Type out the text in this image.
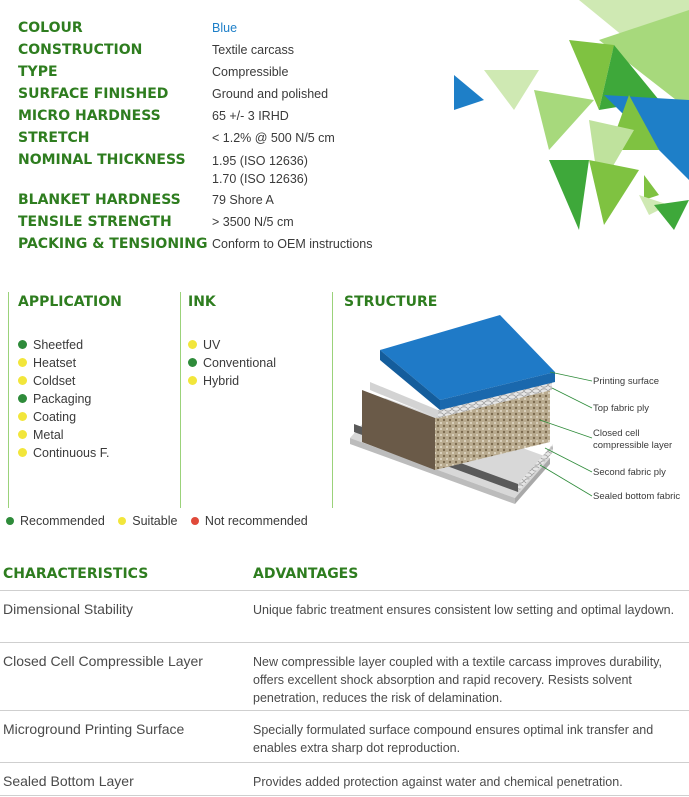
COLOUR	Blue
CONSTRUCTION	Textile carcass
TYPE	Compressible
SURFACE FINISHED	Ground and polished
MICRO HARDNESS	65 +/- 3 IRHD
STRETCH	< 1.2% @ 500 N/5 cm
NOMINAL THICKNESS 1.95 (ISO 12636)
1.70 (ISO 12636)
BLANKET HARDNESS	79 Shore A
TENSILE STRENGTH	> 3500 N/5 cm
PACKING & TENSIONING Conform to OEM instructions
APPLICATION
Sheetfed
Heatset
Coldset
Packaging
Coating
Metal
Continuous F.
INK
UV
Conventional
Hybrid
STRUCTURE
Printing surface
Top fabric ply
Closed cell
compressible layer
Second fabric ply
Sealed bottom fabric
Recommended Suitable Not recommended
CHARACTERISTICS	ADVANTAGES
Dimensional Stability	Unique fabric treatment ensures consistent low setting and optimal laydown.
Closed Cell Compressible Layer	New compressible layer coupled with a textile carcass improves durability, offers excellent shock absorption and rapid recovery. Resists solvent penetration, reduces the risk of delamination.
Microground Printing Surface	Specially formulated surface compound ensures optimal ink transfer and enables extra sharp dot reproduction.
Sealed Bottom Layer	Provides added protection against water and chemical penetration.
